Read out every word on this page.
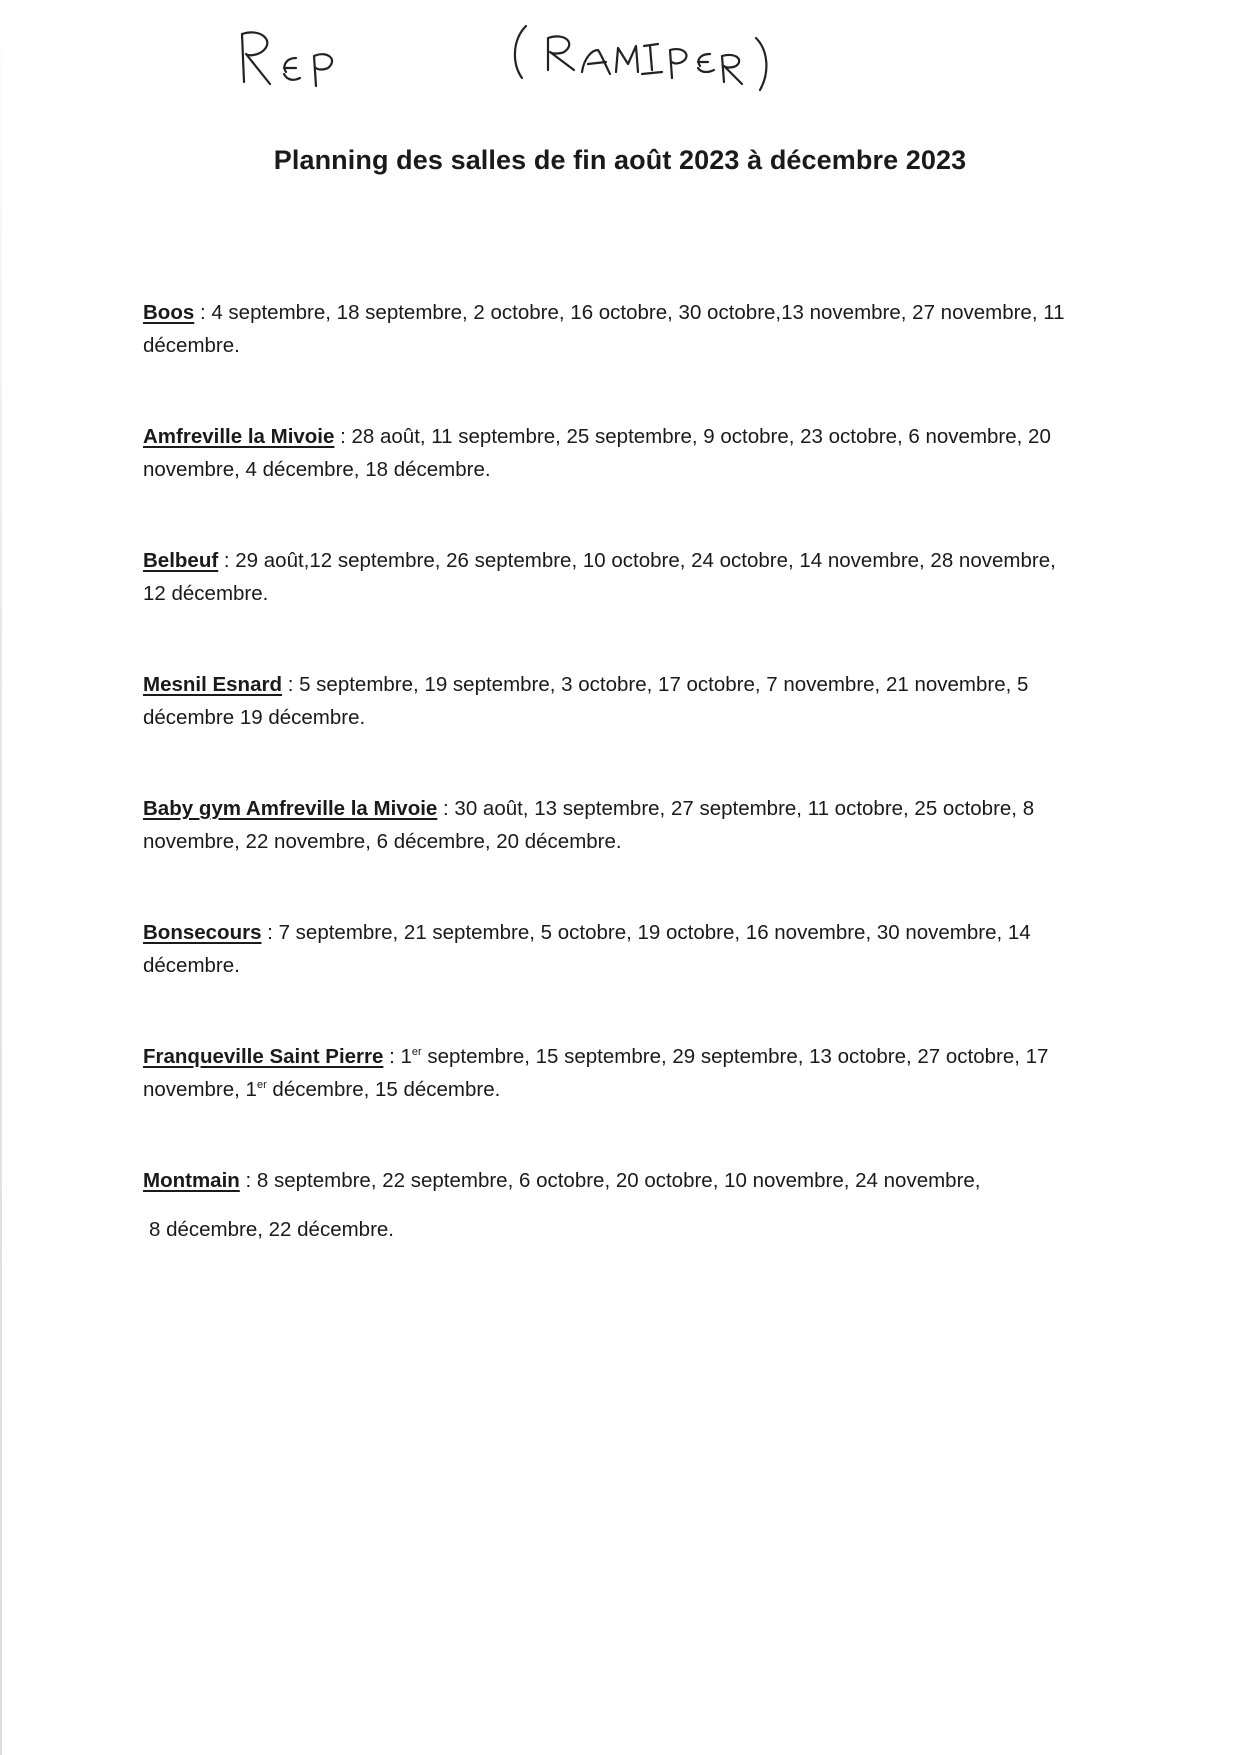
Planning des salles de fin août 2023 à décembre 2023
Boos : 4 septembre, 18 septembre, 2 octobre, 16 octobre, 30 octobre,13 novembre, 27 novembre, 11 décembre.
Amfreville la Mivoie : 28 août, 11 septembre, 25 septembre, 9 octobre, 23 octobre, 6 novembre, 20 novembre, 4 décembre, 18 décembre.
Belbeuf : 29 août,12 septembre, 26 septembre, 10 octobre, 24 octobre, 14 novembre, 28 novembre, 12 décembre.
Mesnil Esnard : 5 septembre, 19 septembre, 3 octobre, 17 octobre, 7 novembre, 21 novembre, 5 décembre 19 décembre.
Baby gym Amfreville la Mivoie : 30 août, 13 septembre, 27 septembre, 11 octobre, 25 octobre, 8 novembre, 22 novembre, 6 décembre, 20 décembre.
Bonsecours : 7 septembre, 21 septembre, 5 octobre, 19 octobre, 16 novembre, 30 novembre, 14 décembre.
Franqueville Saint Pierre : 1er septembre, 15 septembre, 29 septembre, 13 octobre, 27 octobre, 17 novembre, 1er décembre, 15 décembre.
Montmain : 8 septembre, 22 septembre, 6 octobre, 20 octobre, 10 novembre, 24 novembre,
8 décembre, 22 décembre.
